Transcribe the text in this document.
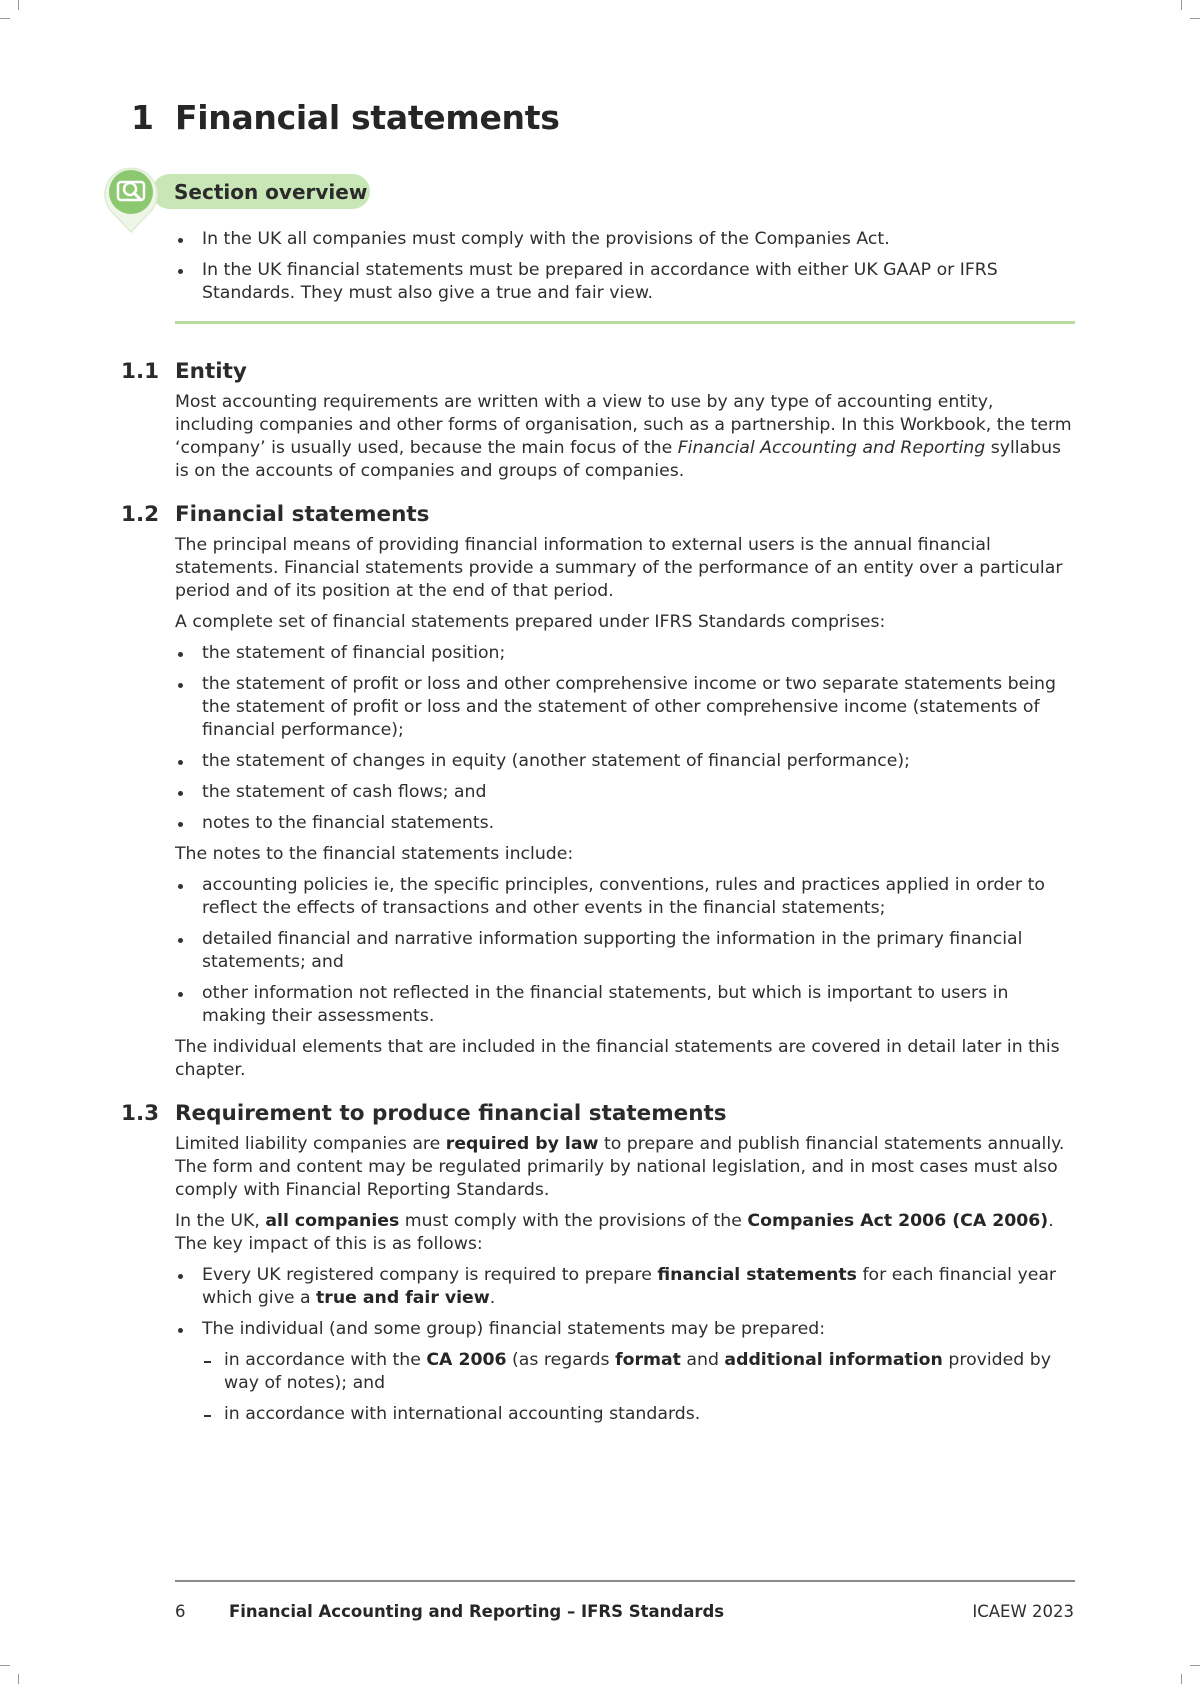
1 Financial statements
Section overview
In the UK all companies must comply with the provisions of the Companies Act.
In the UK financial statements must be prepared in accordance with either UK GAAP or IFRS Standards. They must also give a true and fair view.
1.1 Entity

Most accounting requirements are written with a view to use by any type of accounting entity, including companies and other forms of organisation, such as a partnership. In this Workbook, the term ‘company’ is usually used, because the main focus of the Financial Accounting and Reporting syllabus is on the accounts of companies and groups of companies.

1.2 Financial statements

The principal means of providing financial information to external users is the annual financial statements. Financial statements provide a summary of the performance of an entity over a particular period and of its position at the end of that period.

A complete set of financial statements prepared under IFRS Standards comprises:

the statement of financial position;
the statement of profit or loss and other comprehensive income or two separate statements being the statement of profit or loss and the statement of other comprehensive income (statements of financial performance);
the statement of changes in equity (another statement of financial performance);
the statement of cash flows; and
notes to the financial statements.

The notes to the financial statements include:

accounting policies ie, the specific principles, conventions, rules and practices applied in order to reflect the effects of transactions and other events in the financial statements;
detailed financial and narrative information supporting the information in the primary financial statements; and
other information not reflected in the financial statements, but which is important to users in making their assessments.

The individual elements that are included in the financial statements are covered in detail later in this chapter.

1.3 Requirement to produce financial statements

Limited liability companies are required by law to prepare and publish financial statements annually. The form and content may be regulated primarily by national legislation, and in most cases must also comply with Financial Reporting Standards.

In the UK, all companies must comply with the provisions of the Companies Act 2006 (CA 2006). The key impact of this is as follows:

Every UK registered company is required to prepare financial statements for each financial year which give a true and fair view.
The individual (and some group) financial statements may be prepared:
in accordance with the CA 2006 (as regards format and additional information provided by way of notes); and
in accordance with international accounting standards.
6	Financial Accounting and Reporting – IFRS Standards	ICAEW 2023
